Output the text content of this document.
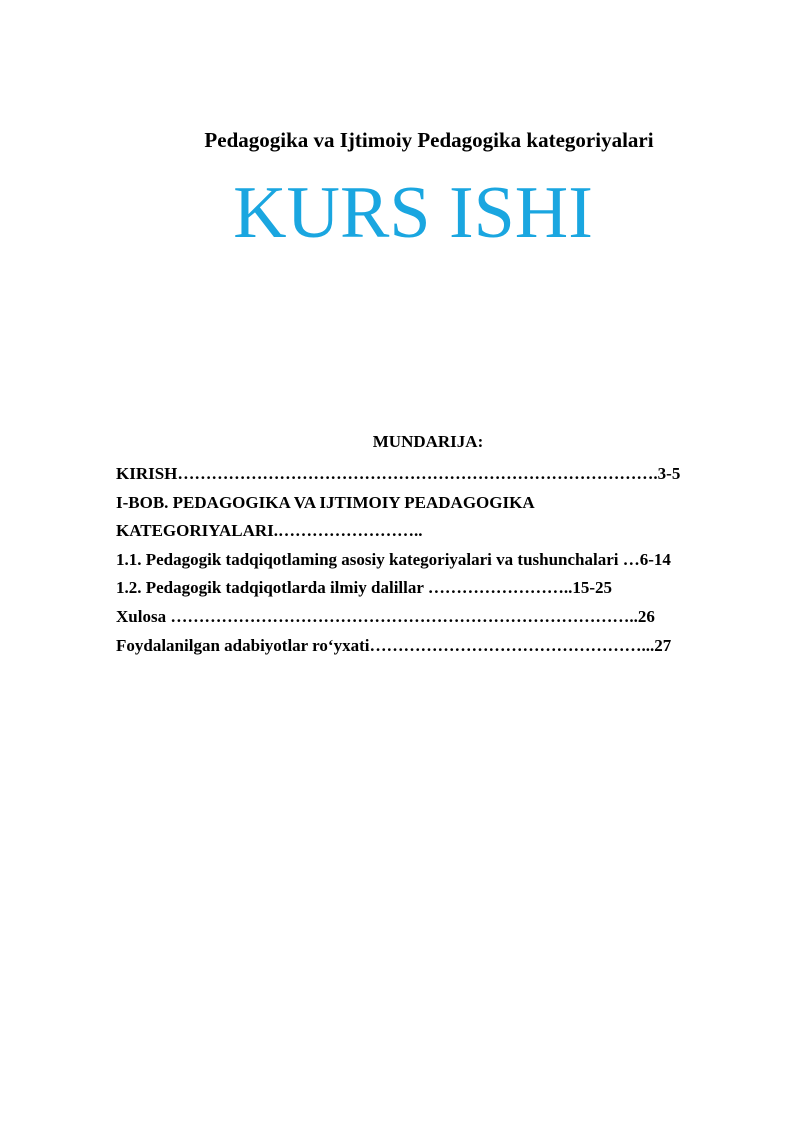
Pedagogika va Ijtimoiy Pedagogika kategoriyalari
KURS ISHI
MUNDARIJA:
KIRISH………………………………………………………………………….3-5
I-BOB. PEDAGOGIKA VA IJTIMOIY PEADAGOGIKA
KATEGORIYALARI.……………………..
1.1. Pedagogik tadqiqotlaming asosiy kategoriyalari va tushunchalari …6-14
1.2. Pedagogik tadqiqotlarda ilmiy dalillar ……………………..15-25
Xulosa ………………………………………………………………………..26
Foydalanilgan adabiyotlar ro‘yxati…………………………………………...27
